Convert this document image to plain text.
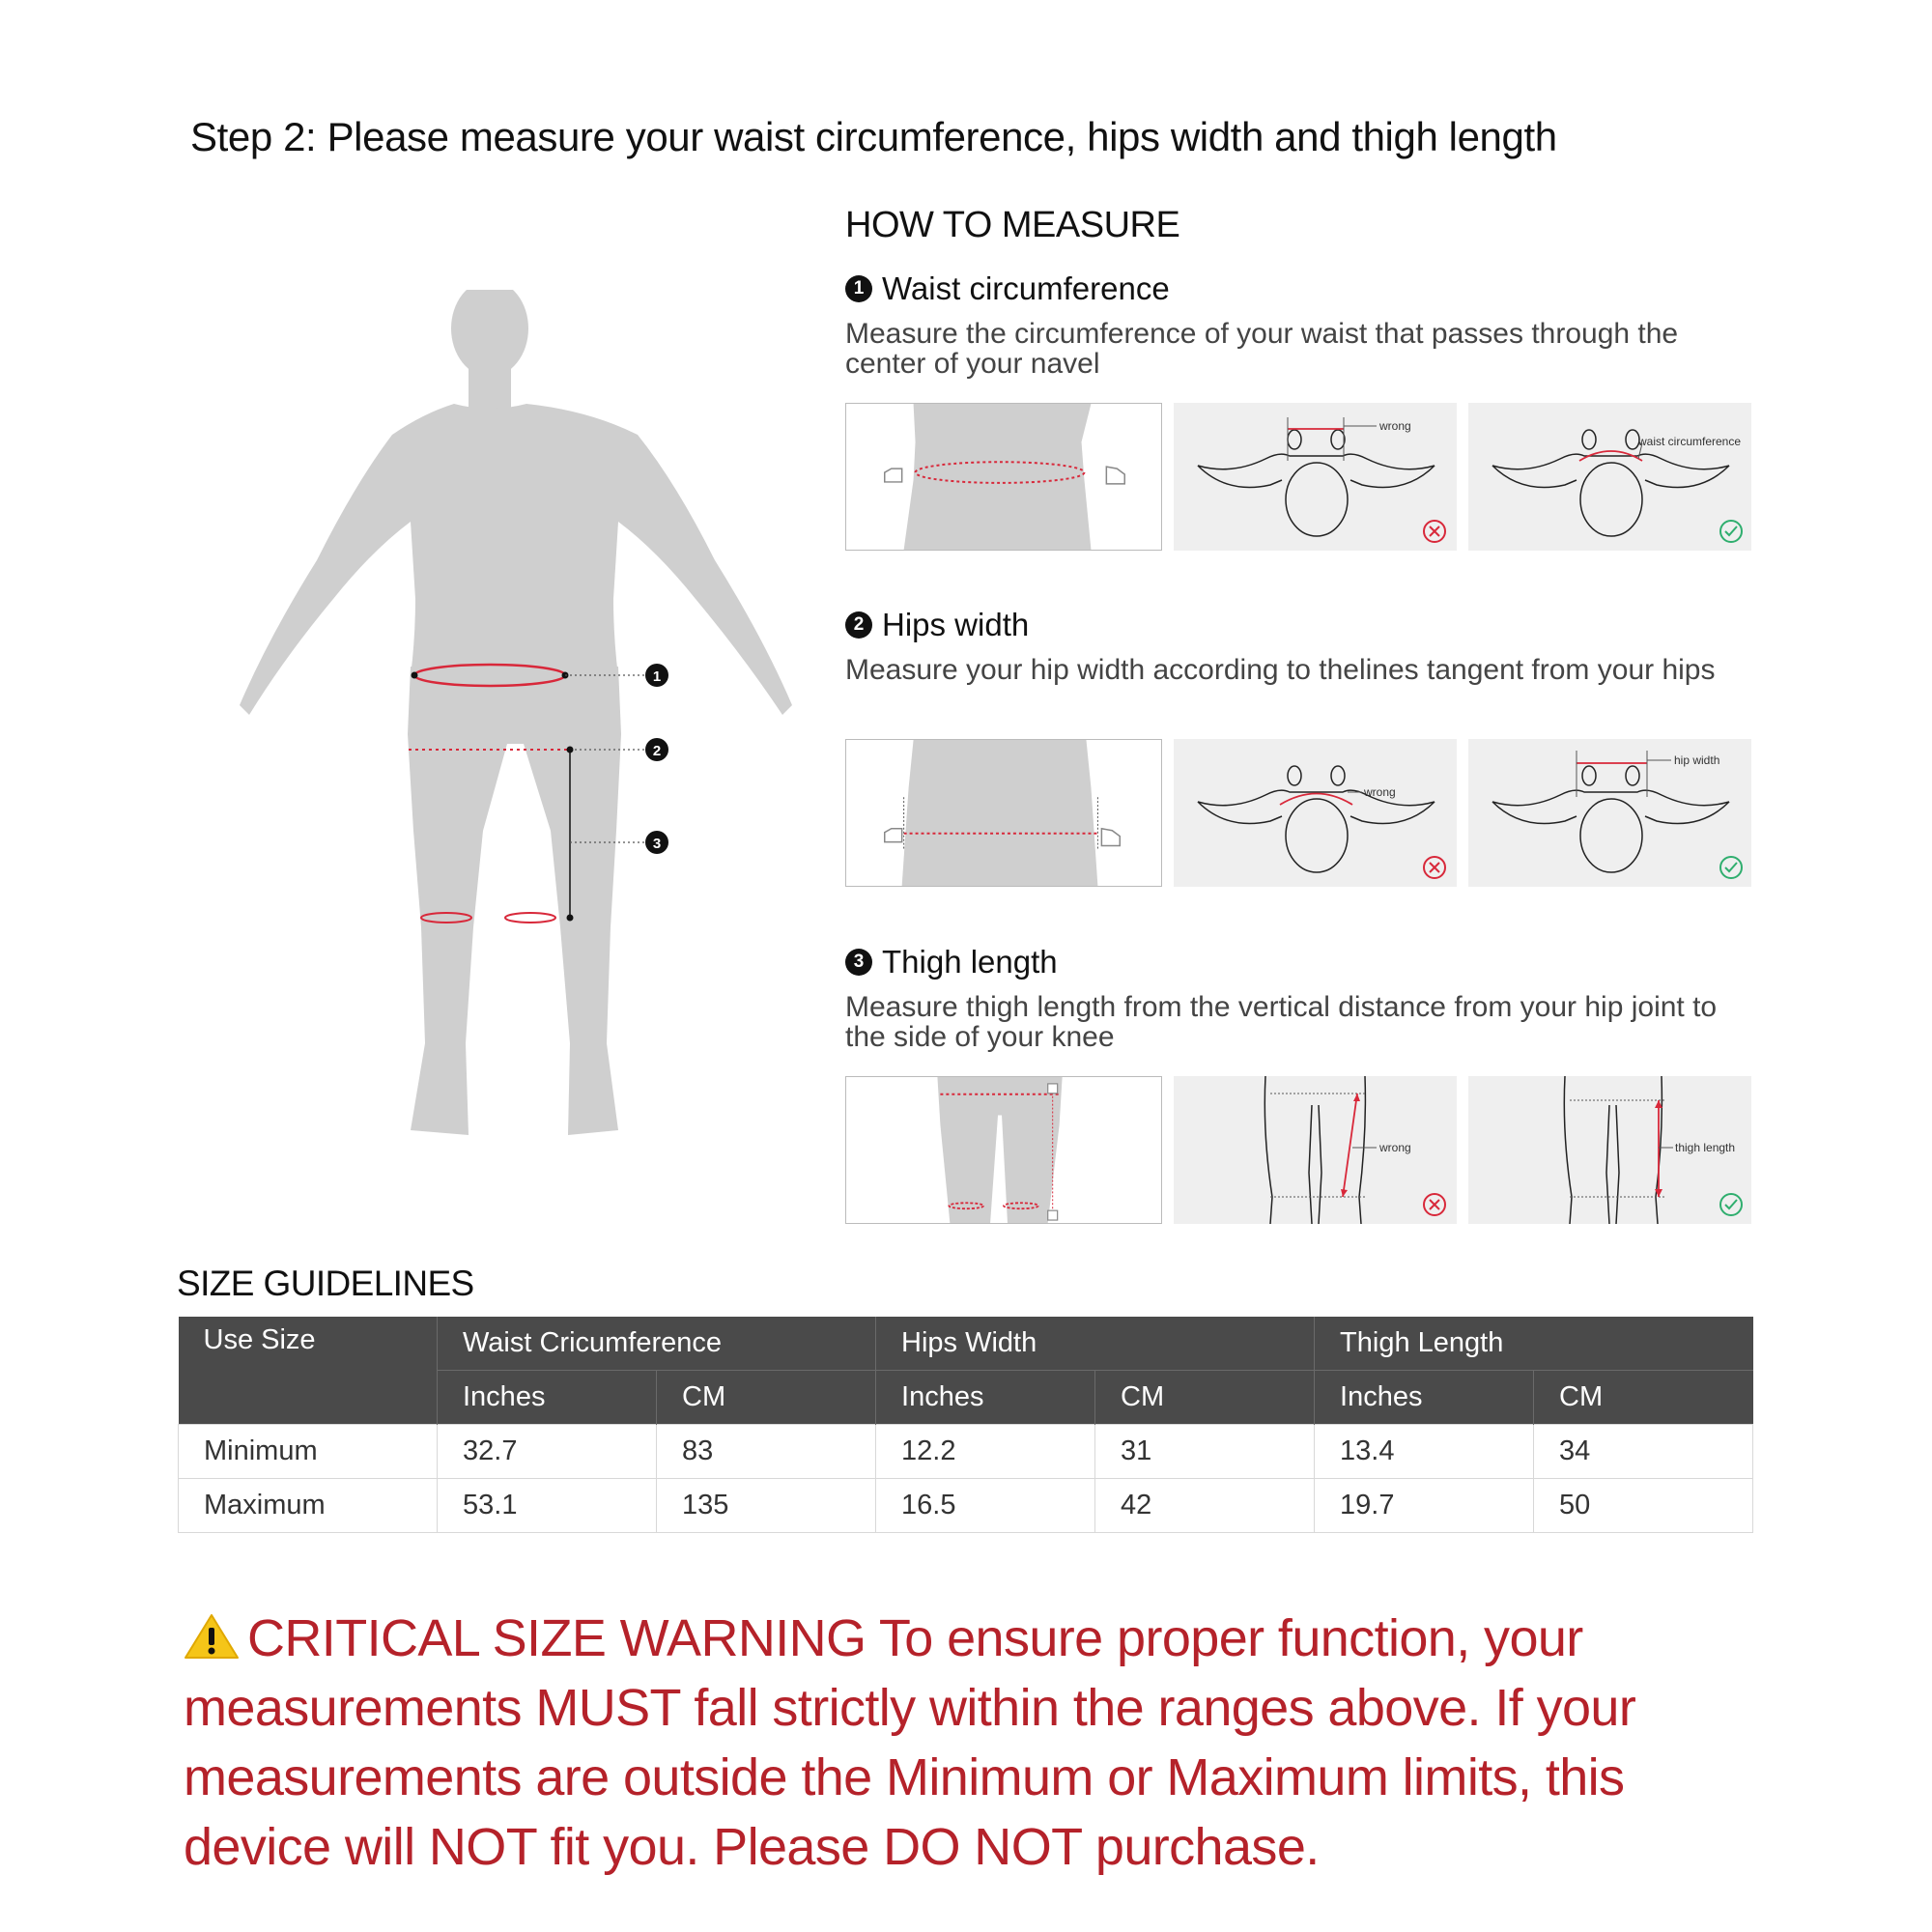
Step 2: Please measure your waist circumference, hips width and thigh length
1
2
3
HOW TO MEASURE
1 Waist circumference
Measure the circumference of your waist that passes through the center of your navel
wrong
waist circumference
2 Hips width
Measure your hip width according to thelines tangent from your hips
wrong
hip width
3 Thigh length
Measure thigh length from the vertical distance from your hip joint to the side of your knee
wrong	thigh length
SIZE GUIDELINES
Use Size	Waist Cricumference		Hips Width		Thigh Length	
	Inches	CM	Inches	CM	Inches	CM
Minimum	32.7	83	12.2	31	13.4	34
Maximum	53.1	135	16.5	42	19.7	50
CRITICAL SIZE WARNING To ensure proper function, your measurements MUST fall strictly within the ranges above. If your measurements are outside the Minimum or Maximum limits, this device will NOT fit you. Please DO NOT purchase.
